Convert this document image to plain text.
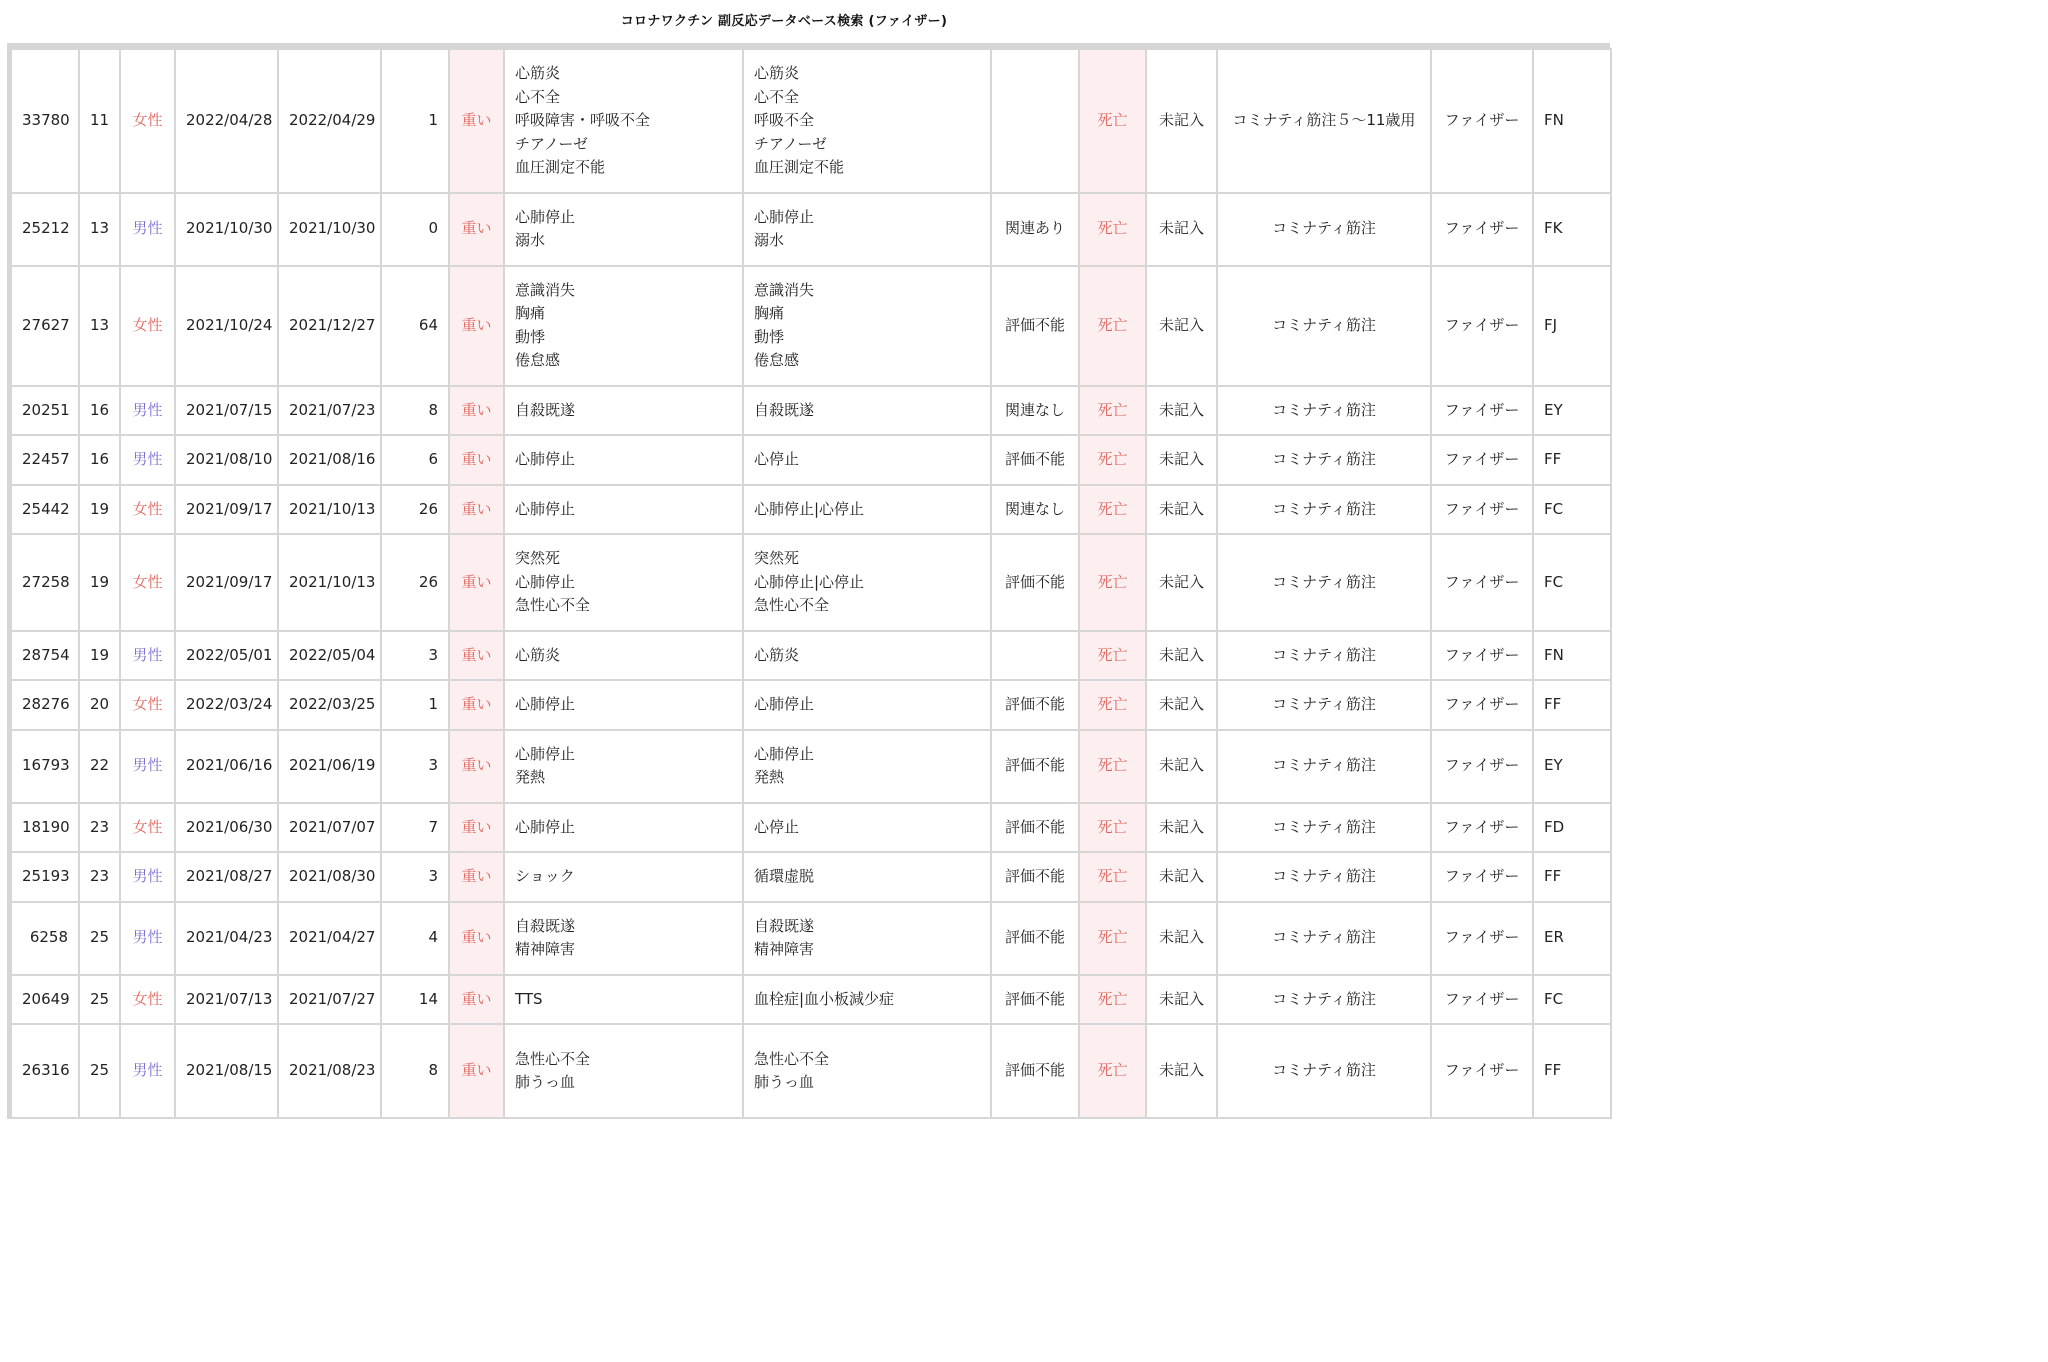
コロナワクチン 副反応データベース検索 (ファイザー)
33780	11	女性	2022/04/28	2022/04/29	1	重い	心筋炎
心不全
呼吸障害・呼吸不全
チアノーゼ
血圧測定不能	心筋炎
心不全
呼吸不全
チアノーゼ
血圧測定不能		死亡	未記入	コミナティ筋注５～11歳用	ファイザー	FN
25212	13	男性	2021/10/30	2021/10/30	0	重い	心肺停止
溺水	心肺停止
溺水	関連あり	死亡	未記入	コミナティ筋注	ファイザー	FK
27627	13	女性	2021/10/24	2021/12/27	64	重い	意識消失
胸痛
動悸
倦怠感	意識消失
胸痛
動悸
倦怠感	評価不能	死亡	未記入	コミナティ筋注	ファイザー	FJ
20251	16	男性	2021/07/15	2021/07/23	8	重い	自殺既遂	自殺既遂	関連なし	死亡	未記入	コミナティ筋注	ファイザー	EY
22457	16	男性	2021/08/10	2021/08/16	6	重い	心肺停止	心停止	評価不能	死亡	未記入	コミナティ筋注	ファイザー	FF
25442	19	女性	2021/09/17	2021/10/13	26	重い	心肺停止	心肺停止|心停止	関連なし	死亡	未記入	コミナティ筋注	ファイザー	FC
27258	19	女性	2021/09/17	2021/10/13	26	重い	突然死
心肺停止
急性心不全	突然死
心肺停止|心停止
急性心不全	評価不能	死亡	未記入	コミナティ筋注	ファイザー	FC
28754	19	男性	2022/05/01	2022/05/04	3	重い	心筋炎	心筋炎		死亡	未記入	コミナティ筋注	ファイザー	FN
28276	20	女性	2022/03/24	2022/03/25	1	重い	心肺停止	心肺停止	評価不能	死亡	未記入	コミナティ筋注	ファイザー	FF
16793	22	男性	2021/06/16	2021/06/19	3	重い	心肺停止
発熱	心肺停止
発熱	評価不能	死亡	未記入	コミナティ筋注	ファイザー	EY
18190	23	女性	2021/06/30	2021/07/07	7	重い	心肺停止	心停止	評価不能	死亡	未記入	コミナティ筋注	ファイザー	FD
25193	23	男性	2021/08/27	2021/08/30	3	重い	ショック	循環虚脱	評価不能	死亡	未記入	コミナティ筋注	ファイザー	FF
6258	25	男性	2021/04/23	2021/04/27	4	重い	自殺既遂
精神障害	自殺既遂
精神障害	評価不能	死亡	未記入	コミナティ筋注	ファイザー	ER
20649	25	女性	2021/07/13	2021/07/27	14	重い	TTS	血栓症|血小板減少症	評価不能	死亡	未記入	コミナティ筋注	ファイザー	FC
26316	25	男性	2021/08/15	2021/08/23	8	重い	急性心不全
肺うっ血	急性心不全
肺うっ血	評価不能	死亡	未記入	コミナティ筋注	ファイザー	FF
